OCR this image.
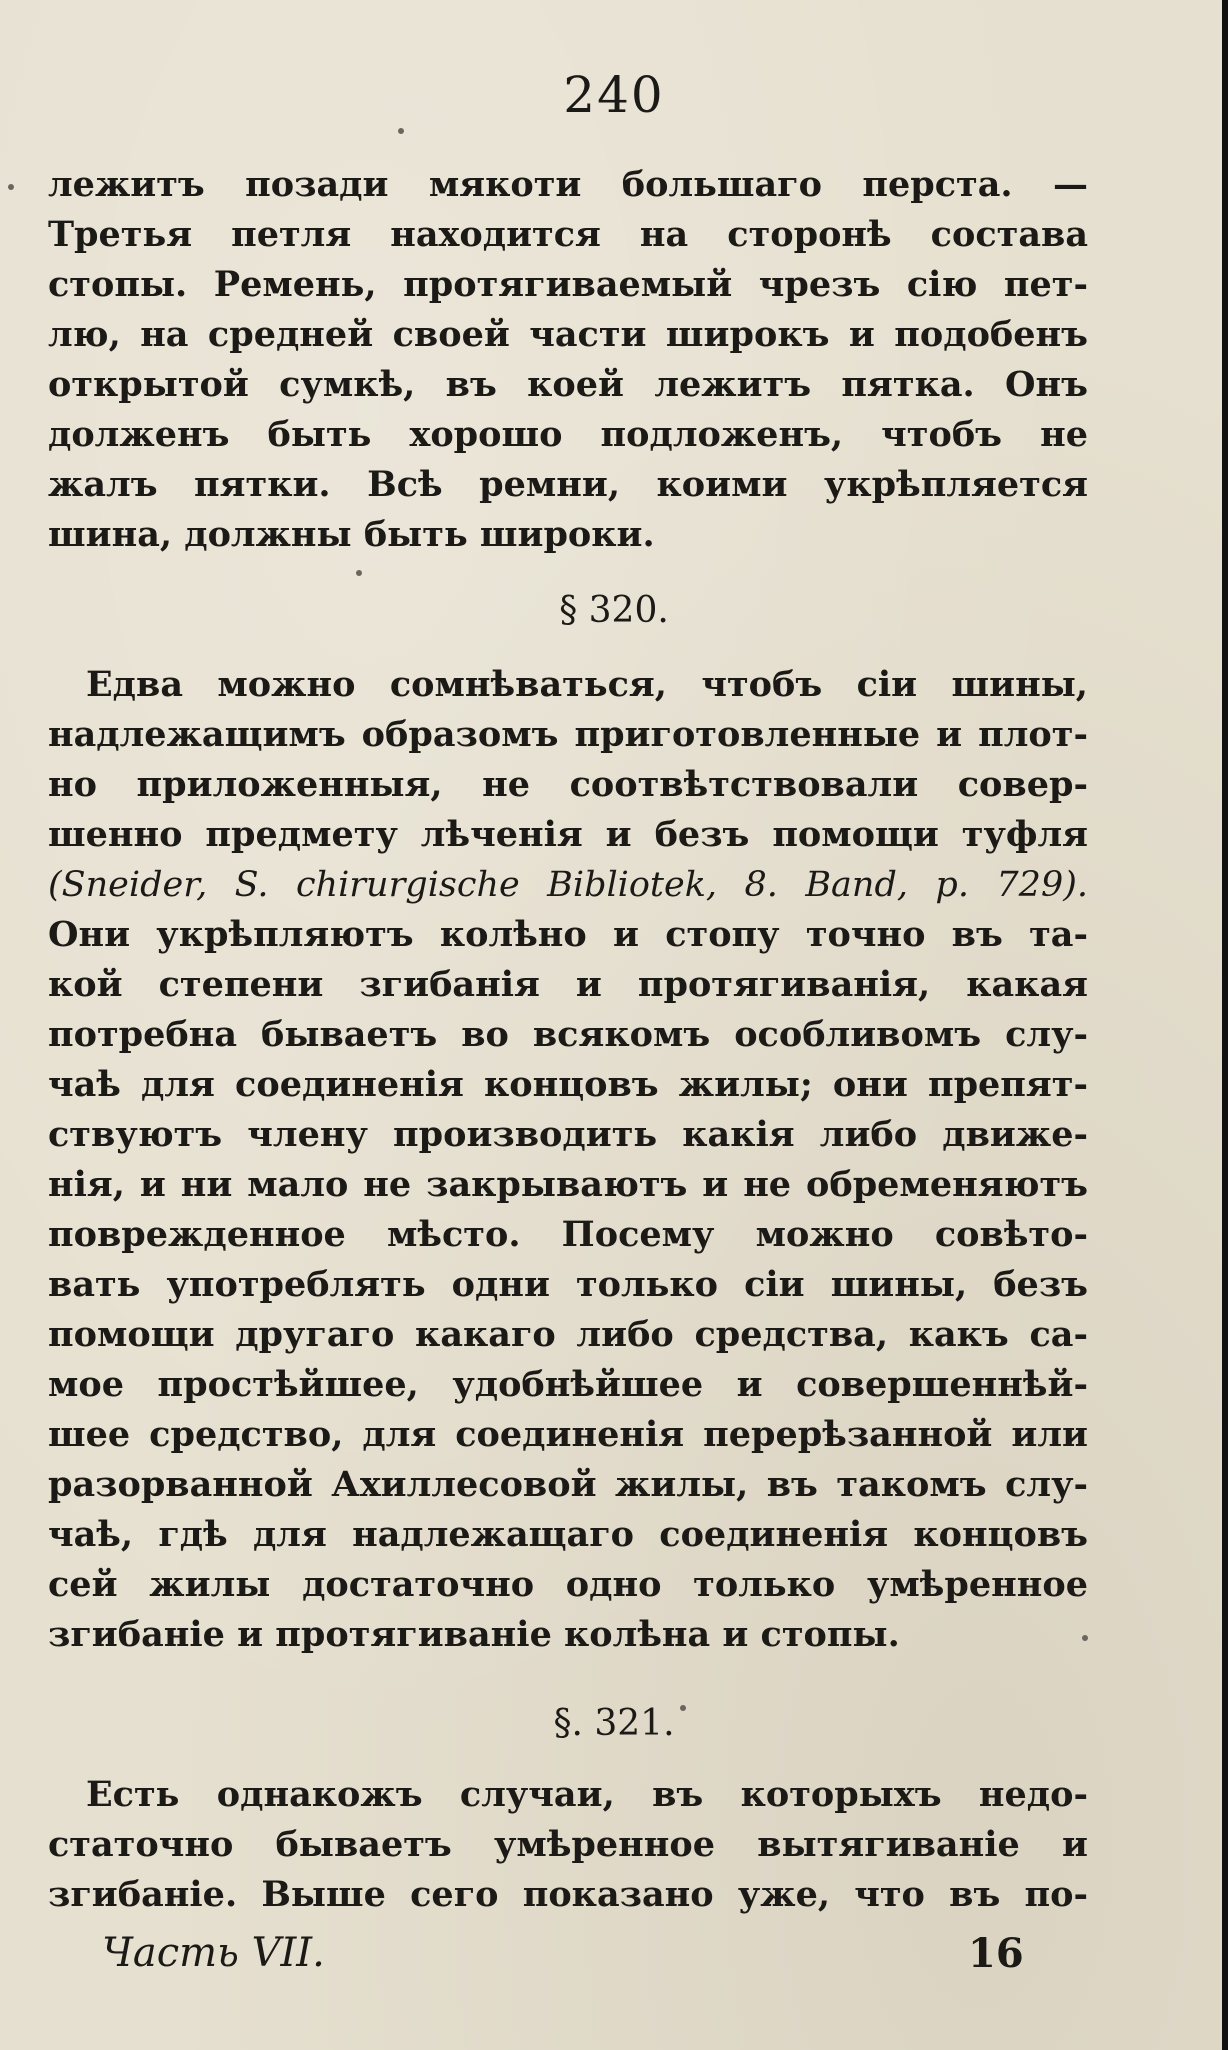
240
лежитъ позади мякоти большаго перста. —
Третья петля находится на сторонѣ состава
стопы. Ремень, протягиваемый чрезъ сію пет-
лю, на средней своей части широкъ и подобенъ
открытой сумкѣ, въ коей лежитъ пятка. Онъ
долженъ быть хорошо подложенъ, чтобъ не
жалъ пятки. Всѣ ремни, коими укрѣпляется
шина, должны быть широки.
§ 320.
Едва можно сомнѣваться, чтобъ сіи шины,
надлежащимъ образомъ приготовленные и плот-
но приложенныя, не соотвѣтствовали совер-
шенно предмету лѣченія и безъ помощи туфля
(Sneider, S. chirurgische Bibliotek, 8. Band, p. 729).
Они укрѣпляютъ колѣно и стопу точно въ та-
кой степени згибанія и протягиванія, какая
потребна бываетъ во всякомъ особливомъ слу-
чаѣ для соединенія концовъ жилы; они препят-
ствуютъ члену производить какія либо движе-
нія, и ни мало не закрываютъ и не обременяютъ
поврежденное мѣсто. Посему можно совѣто-
вать употреблять одни только сіи шины, безъ
помощи другаго какаго либо средства, какъ са-
мое простѣйшее, удобнѣйшее и совершеннѣй-
шее средство, для соединенія перерѣзанной или
разорванной Ахиллесовой жилы, въ такомъ слу-
чаѣ, гдѣ для надлежащаго соединенія концовъ
сей жилы достаточно одно только умѣренное
згибаніе и протягиваніе колѣна и стопы.
§. 321.
Есть однакожъ случаи, въ которыхъ недо-
статочно бываетъ умѣренное вытягиваніе и
згибаніе. Выше сего показано уже, что въ по-
Часть VII.	16
